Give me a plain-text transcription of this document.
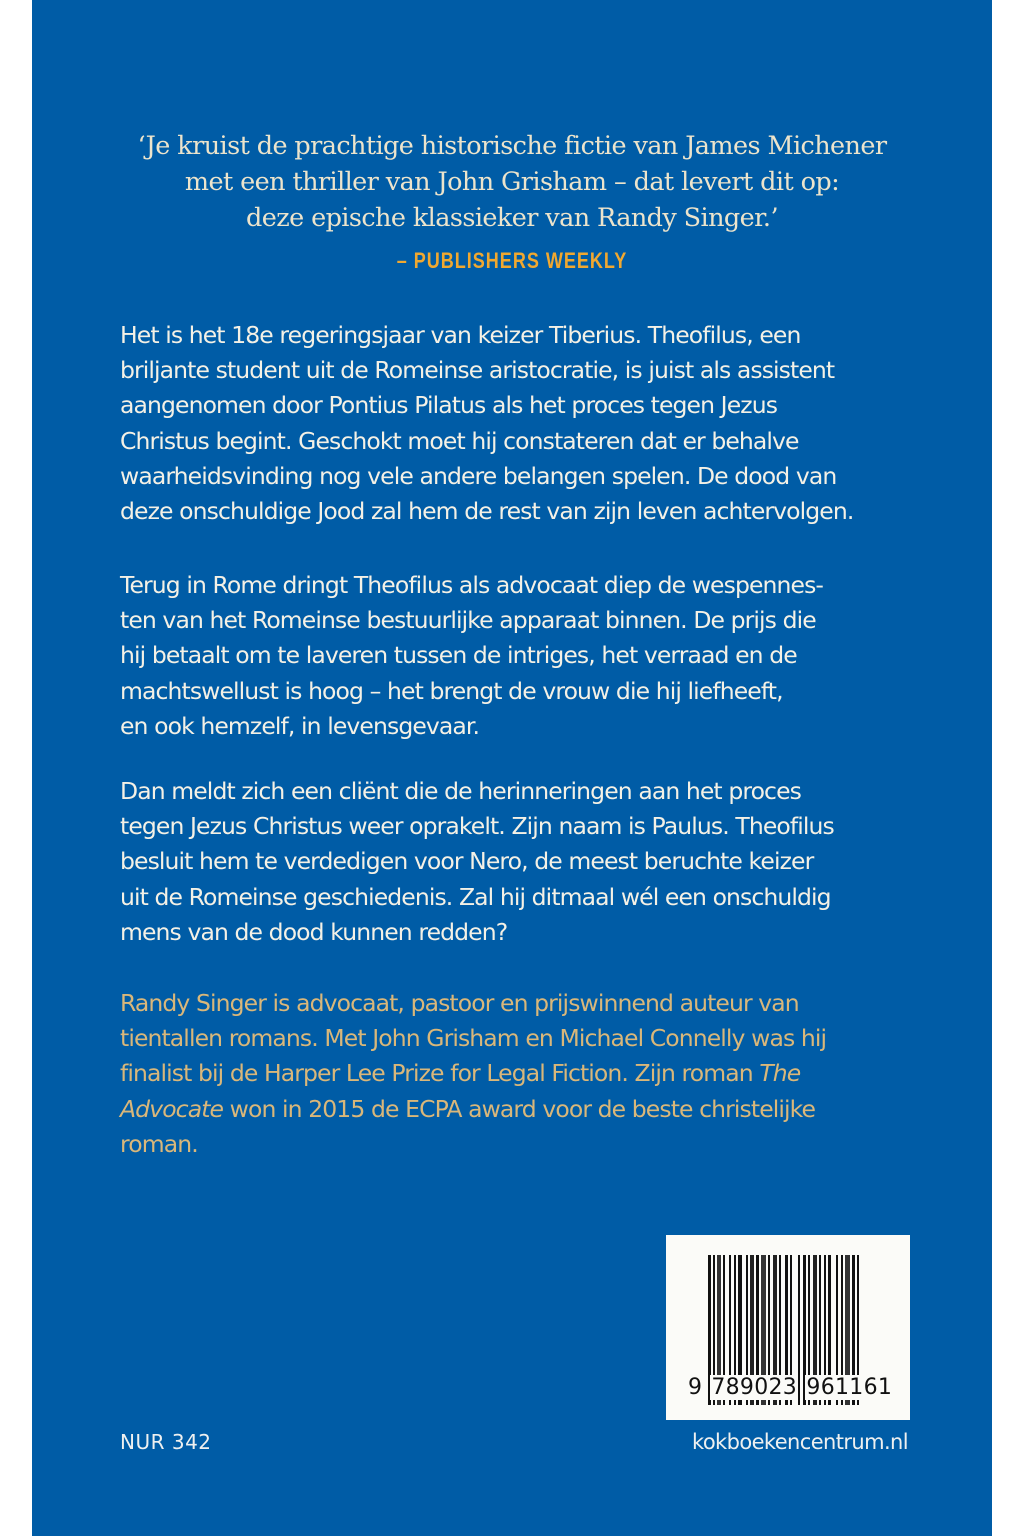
‘Je kruist de prachtige historische fictie van James Michener
met een thriller van John Grisham – dat levert dit op:
deze epische klassieker van Randy Singer.’
– PUBLISHERS WEEKLY
Het is het 18e regeringsjaar van keizer Tiberius. Theofilus, een
briljante student uit de Romeinse aristocratie, is juist als assistent
aangenomen door Pontius Pilatus als het proces tegen Jezus
Christus begint. Geschokt moet hij constateren dat er behalve
waarheidsvinding nog vele andere belangen spelen. De dood van
deze onschuldige Jood zal hem de rest van zijn leven achtervolgen.
Terug in Rome dringt Theofilus als advocaat diep de wespennes-
ten van het Romeinse bestuurlijke apparaat binnen. De prijs die
hij betaalt om te laveren tussen de intriges, het verraad en de
machtswellust is hoog – het brengt de vrouw die hij liefheeft,
en ook hemzelf, in levensgevaar.
Dan meldt zich een cliënt die de herinneringen aan het proces
tegen Jezus Christus weer oprakelt. Zijn naam is Paulus. Theofilus
besluit hem te verdedigen voor Nero, de meest beruchte keizer
uit de Romeinse geschiedenis. Zal hij ditmaal wél een onschuldig
mens van de dood kunnen redden?
Randy Singer is advocaat, pastoor en prijswinnend auteur van
tientallen romans. Met John Grisham en Michael Connelly was hij
finalist bij de Harper Lee Prize for Legal Fiction. Zijn roman The
Advocate won in 2015 de ECPA award voor de beste christelijke
roman.
9 789023 961161
NUR 342	kokboekencentrum.nl
